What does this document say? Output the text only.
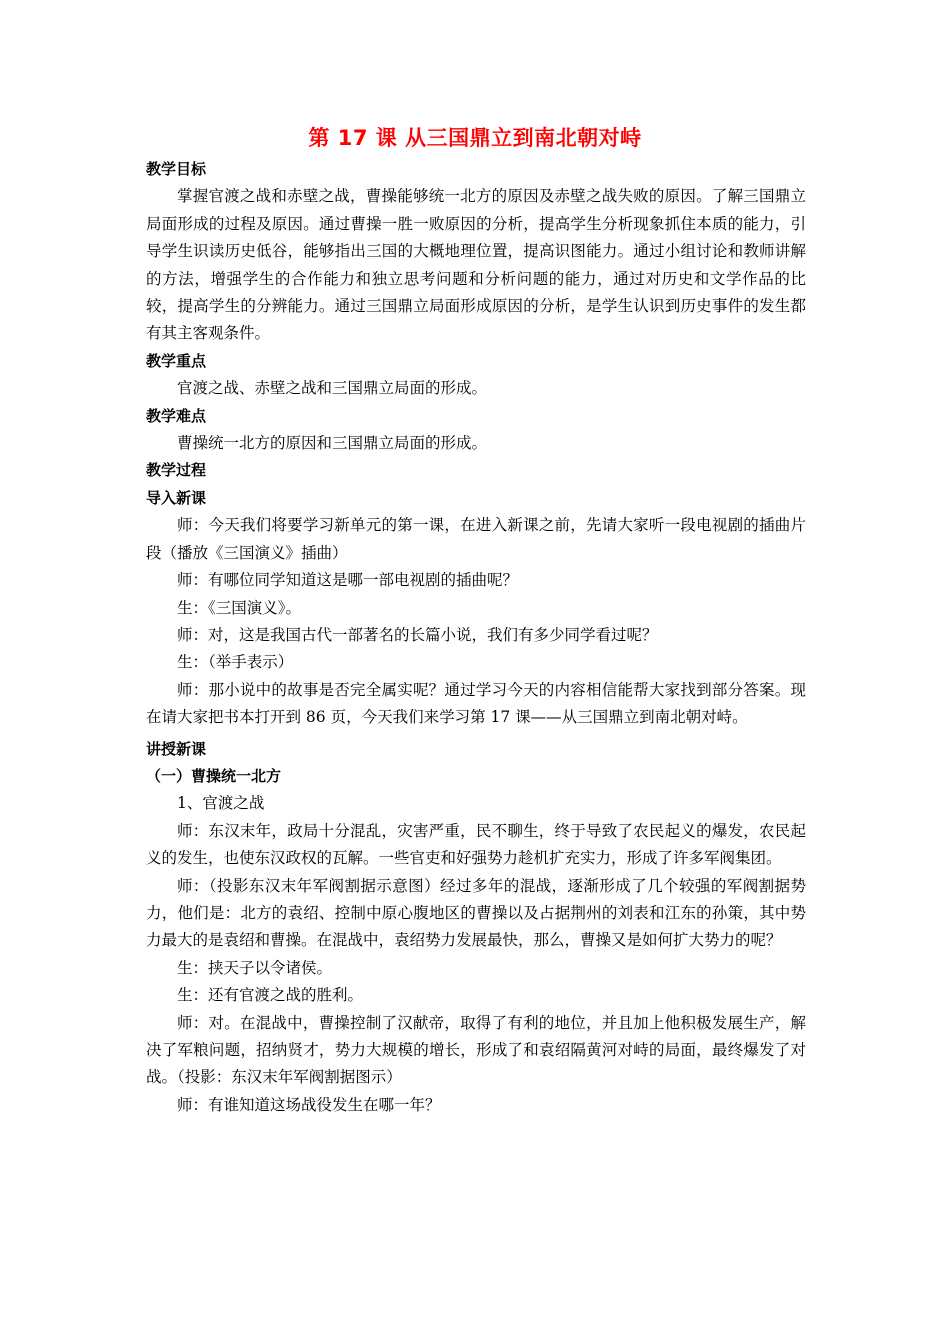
第 17 课 从三国鼎立到南北朝对峙

教学目标

掌握官渡之战和赤壁之战，曹操能够统一北方的原因及赤壁之战失败的原因。了解三国鼎立局面形成的过程及原因。通过曹操一胜一败原因的分析，提高学生分析现象抓住本质的能力，引导学生识读历史低谷，能够指出三国的大概地理位置，提高识图能力。通过小组讨论和教师讲解的方法，增强学生的合作能力和独立思考问题和分析问题的能力，通过对历史和文学作品的比较，提高学生的分辨能力。通过三国鼎立局面形成原因的分析，是学生认识到历史事件的发生都有其主客观条件。

教学重点

官渡之战、赤壁之战和三国鼎立局面的形成。

教学难点

曹操统一北方的原因和三国鼎立局面的形成。

教学过程

导入新课

师：今天我们将要学习新单元的第一课，在进入新课之前，先请大家听一段电视剧的插曲片段（播放《三国演义》插曲）

师：有哪位同学知道这是哪一部电视剧的插曲呢？

生：《三国演义》。

师：对，这是我国古代一部著名的长篇小说，我们有多少同学看过呢？

生：（举手表示）

师：那小说中的故事是否完全属实呢？通过学习今天的内容相信能帮大家找到部分答案。现在请大家把书本打开到 86 页，今天我们来学习第 17 课——从三国鼎立到南北朝对峙。

讲授新课

（一）曹操统一北方

1、官渡之战

师：东汉末年，政局十分混乱，灾害严重，民不聊生，终于导致了农民起义的爆发，农民起义的发生，也使东汉政权的瓦解。一些官吏和好强势力趁机扩充实力，形成了许多军阀集团。

师：（投影东汉末年军阀割据示意图）经过多年的混战，逐渐形成了几个较强的军阀割据势力，他们是：北方的袁绍、控制中原心腹地区的曹操以及占据荆州的刘表和江东的孙策，其中势力最大的是袁绍和曹操。在混战中，袁绍势力发展最快，那么，曹操又是如何扩大势力的呢？

生：挟天子以令诸侯。

生：还有官渡之战的胜利。

师：对。在混战中，曹操控制了汉献帝，取得了有利的地位，并且加上他积极发展生产，解决了军粮问题，招纳贤才，势力大规模的增长，形成了和袁绍隔黄河对峙的局面，最终爆发了对战。（投影：东汉末年军阀割据图示）

师：有谁知道这场战役发生在哪一年？
